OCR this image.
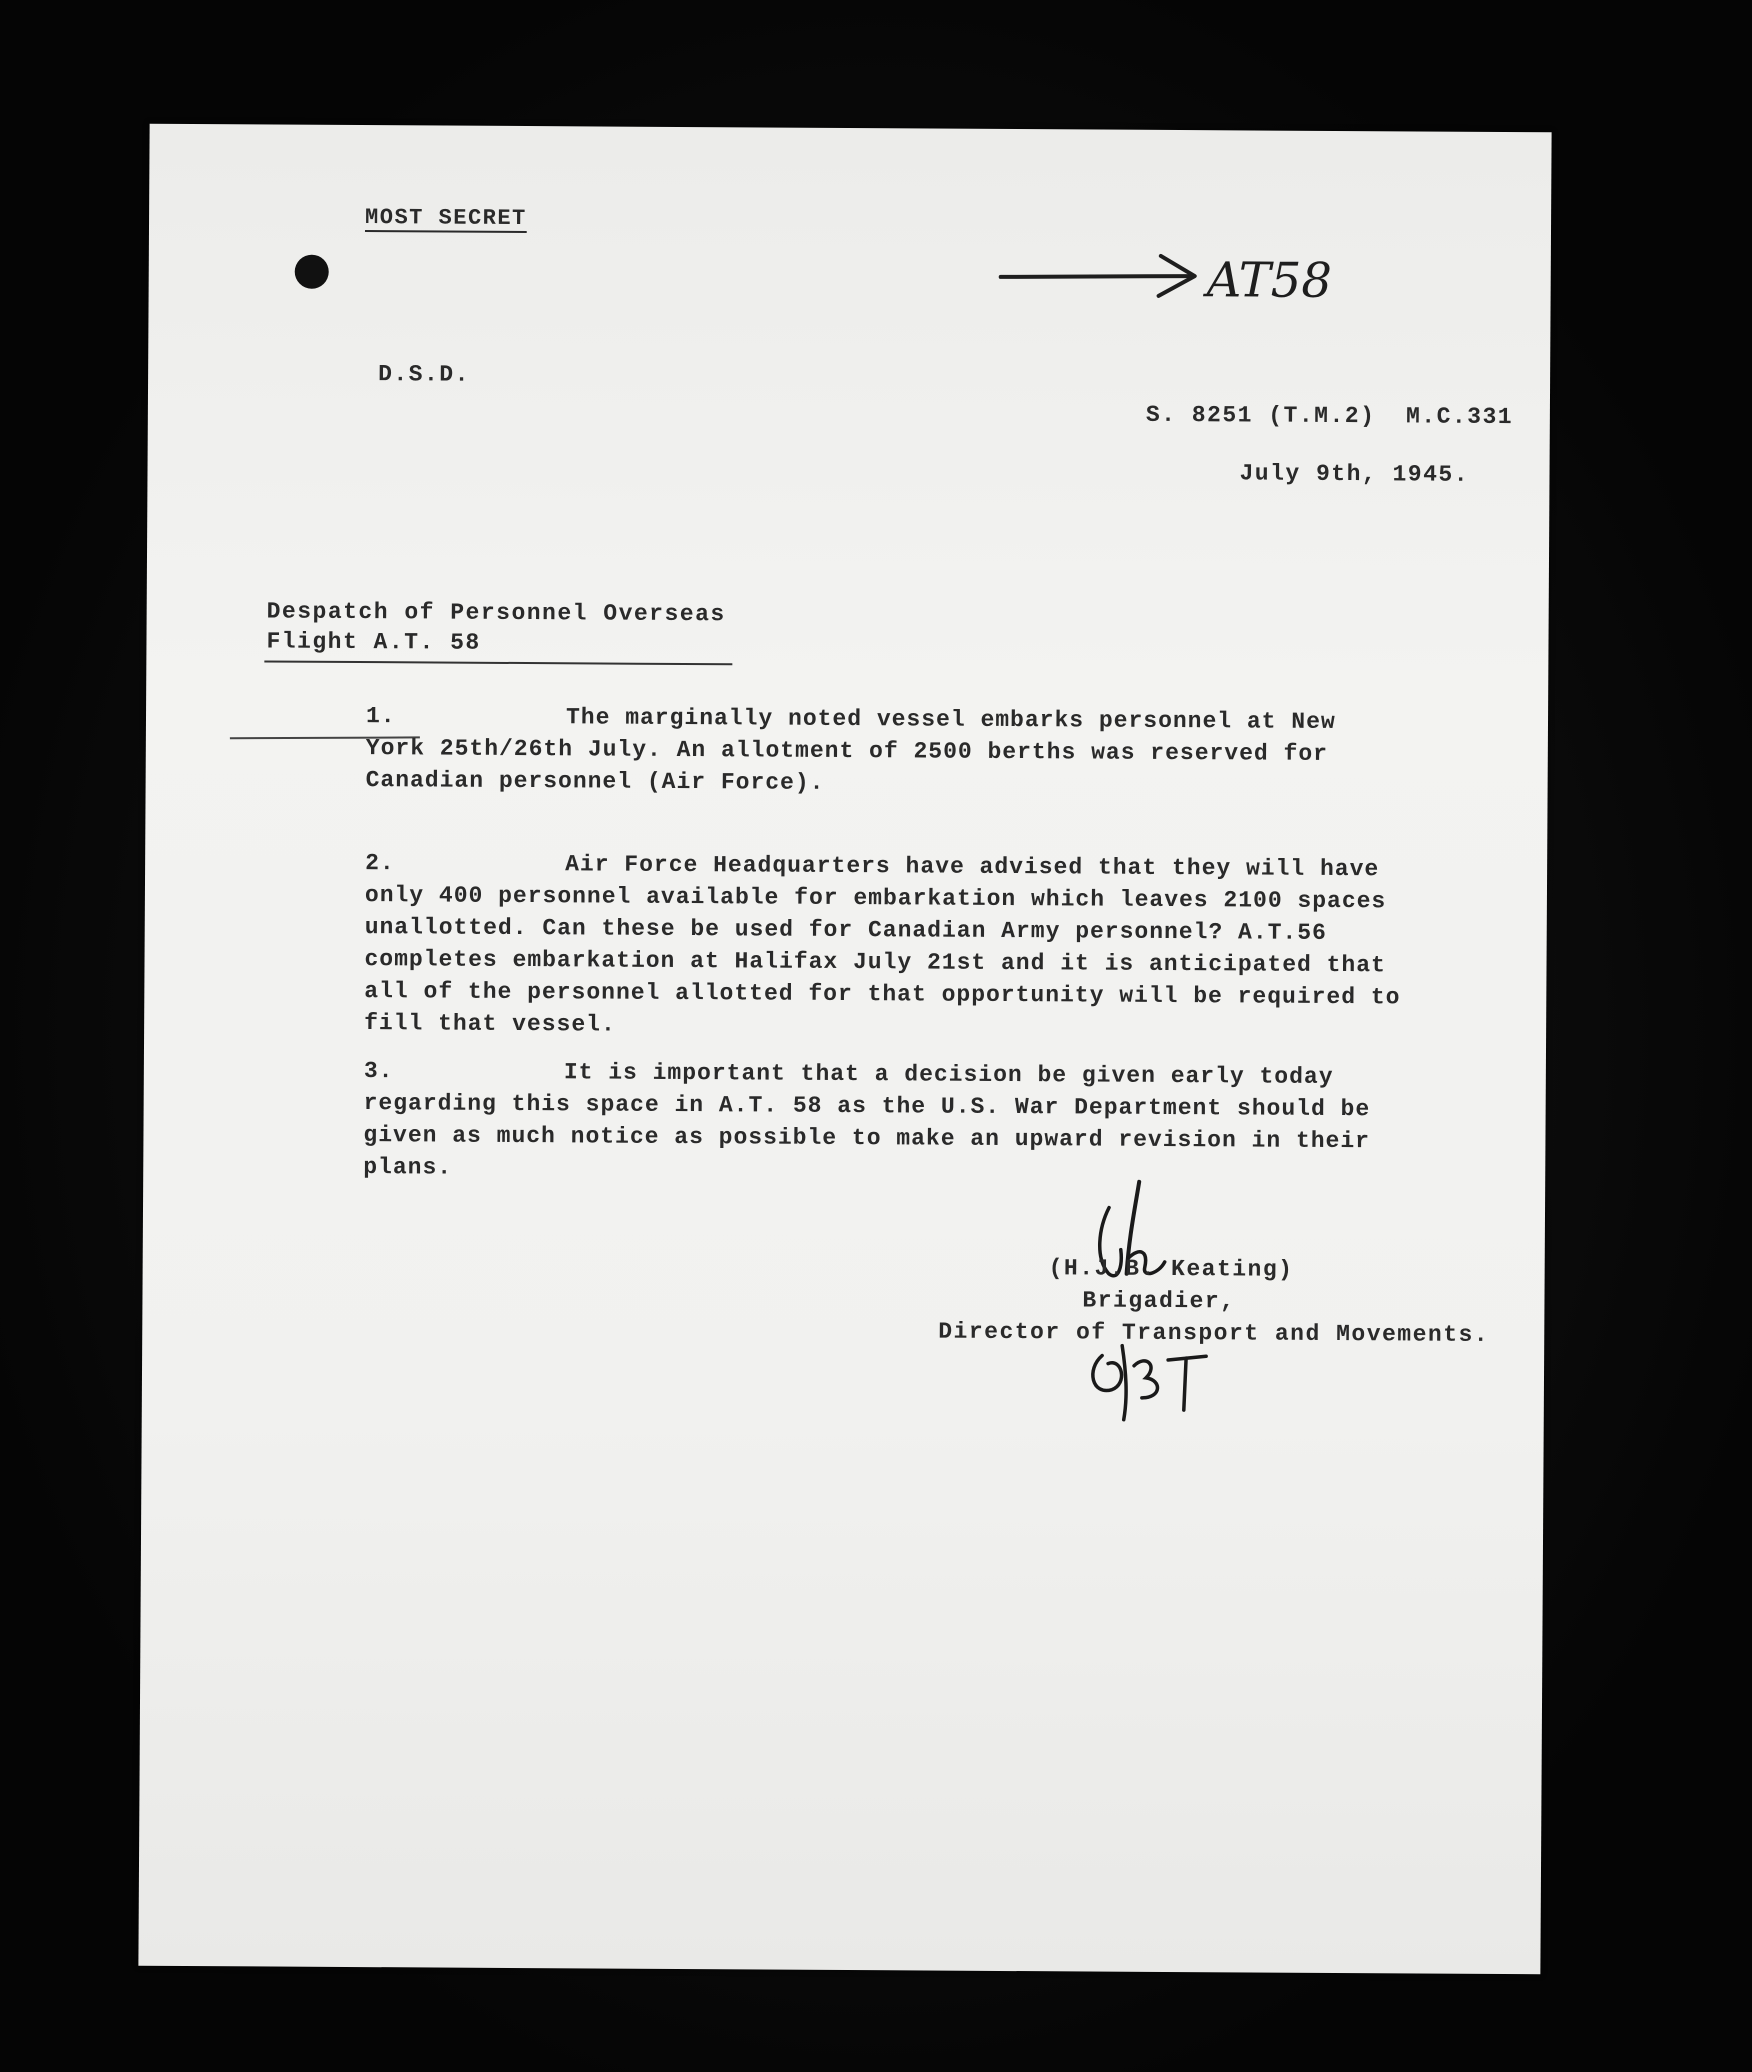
MOST SECRET
AT58
D.S.D.
S. 8251 (T.M.2)  M.C.331
July 9th, 1945.
Despatch of Personnel Overseas
Flight A.T. 58
1.	The marginally noted vessel embarks personnel at New York 25th/26th July. An allotment of 2500 berths was reserved for Canadian personnel (Air Force).
2.	Air Force Headquarters have advised that they will have only 400 personnel available for embarkation which leaves 2100 spaces unallotted. Can these be used for Canadian Army personnel? A.T.56 completes embarkation at Halifax July 21st and it is anticipated that all of the personnel allotted for that opportunity will be required to fill that vessel.
3.	It is important that a decision be given early today regarding this space in A.T. 58 as the U.S. War Department should be given as much notice as possible to make an upward revision in their plans.
(H.J.B. Keating)
Brigadier,
Director of Transport and Movements.
